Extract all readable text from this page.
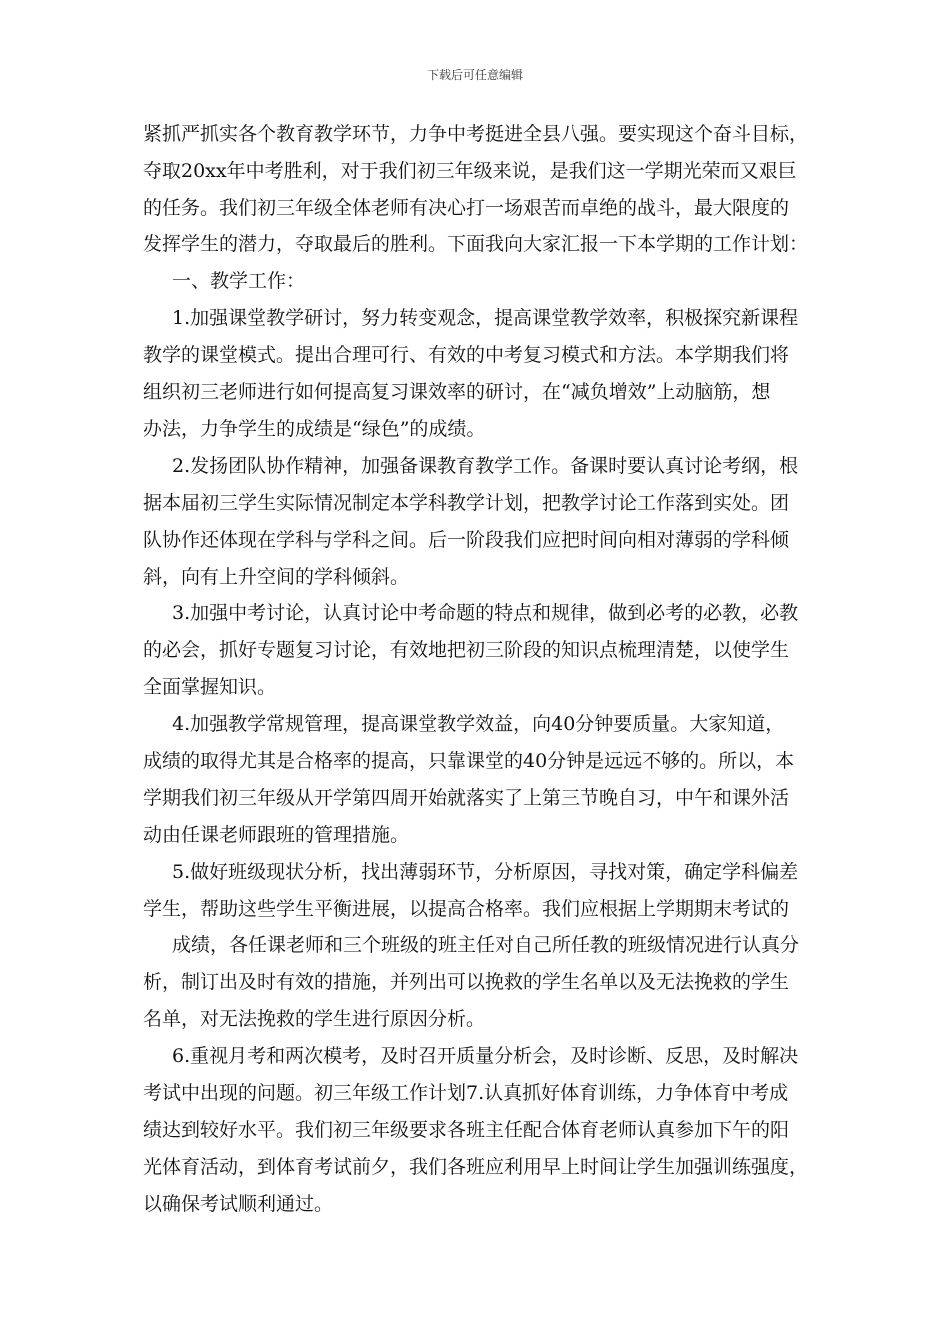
下载后可任意编辑
紧抓严抓实各个教育教学环节，力争中考挺进全县八强。要实现这个奋斗目标，
夺取20xx年中考胜利，对于我们初三年级来说，是我们这一学期光荣而又艰巨
的任务。我们初三年级全体老师有决心打一场艰苦而卓绝的战斗，最大限度的
发挥学生的潜力，夺取最后的胜利。下面我向大家汇报一下本学期的工作计划：
一、教学工作：
1.加强课堂教学研讨，努力转变观念，提高课堂教学效率，积极探究新课程
教学的课堂模式。提出合理可行、有效的中考复习模式和方法。本学期我们将
组织初三老师进行如何提高复习课效率的研讨，在“减负增效”上动脑筋，想
办法，力争学生的成绩是“绿色”的成绩。
2.发扬团队协作精神，加强备课教育教学工作。备课时要认真讨论考纲，根
据本届初三学生实际情况制定本学科教学计划，把教学讨论工作落到实处。团
队协作还体现在学科与学科之间。后一阶段我们应把时间向相对薄弱的学科倾
斜，向有上升空间的学科倾斜。
3.加强中考讨论，认真讨论中考命题的特点和规律，做到必考的必教，必教
的必会，抓好专题复习讨论，有效地把初三阶段的知识点梳理清楚，以使学生
全面掌握知识。
4.加强教学常规管理，提高课堂教学效益，向40分钟要质量。大家知道，
成绩的取得尤其是合格率的提高，只靠课堂的40分钟是远远不够的。所以，本
学期我们初三年级从开学第四周开始就落实了上第三节晚自习，中午和课外活
动由任课老师跟班的管理措施。
5.做好班级现状分析，找出薄弱环节，分析原因，寻找对策，确定学科偏差
学生，帮助这些学生平衡进展，以提高合格率。我们应根据上学期期末考试的
成绩，各任课老师和三个班级的班主任对自己所任教的班级情况进行认真分
析，制订出及时有效的措施，并列出可以挽救的学生名单以及无法挽救的学生
名单，对无法挽救的学生进行原因分析。
6.重视月考和两次模考，及时召开质量分析会，及时诊断、反思，及时解决
考试中出现的问题。初三年级工作计划7.认真抓好体育训练，力争体育中考成
绩达到较好水平。我们初三年级要求各班主任配合体育老师认真参加下午的阳
光体育活动，到体育考试前夕，我们各班应利用早上时间让学生加强训练强度，
以确保考试顺利通过。
